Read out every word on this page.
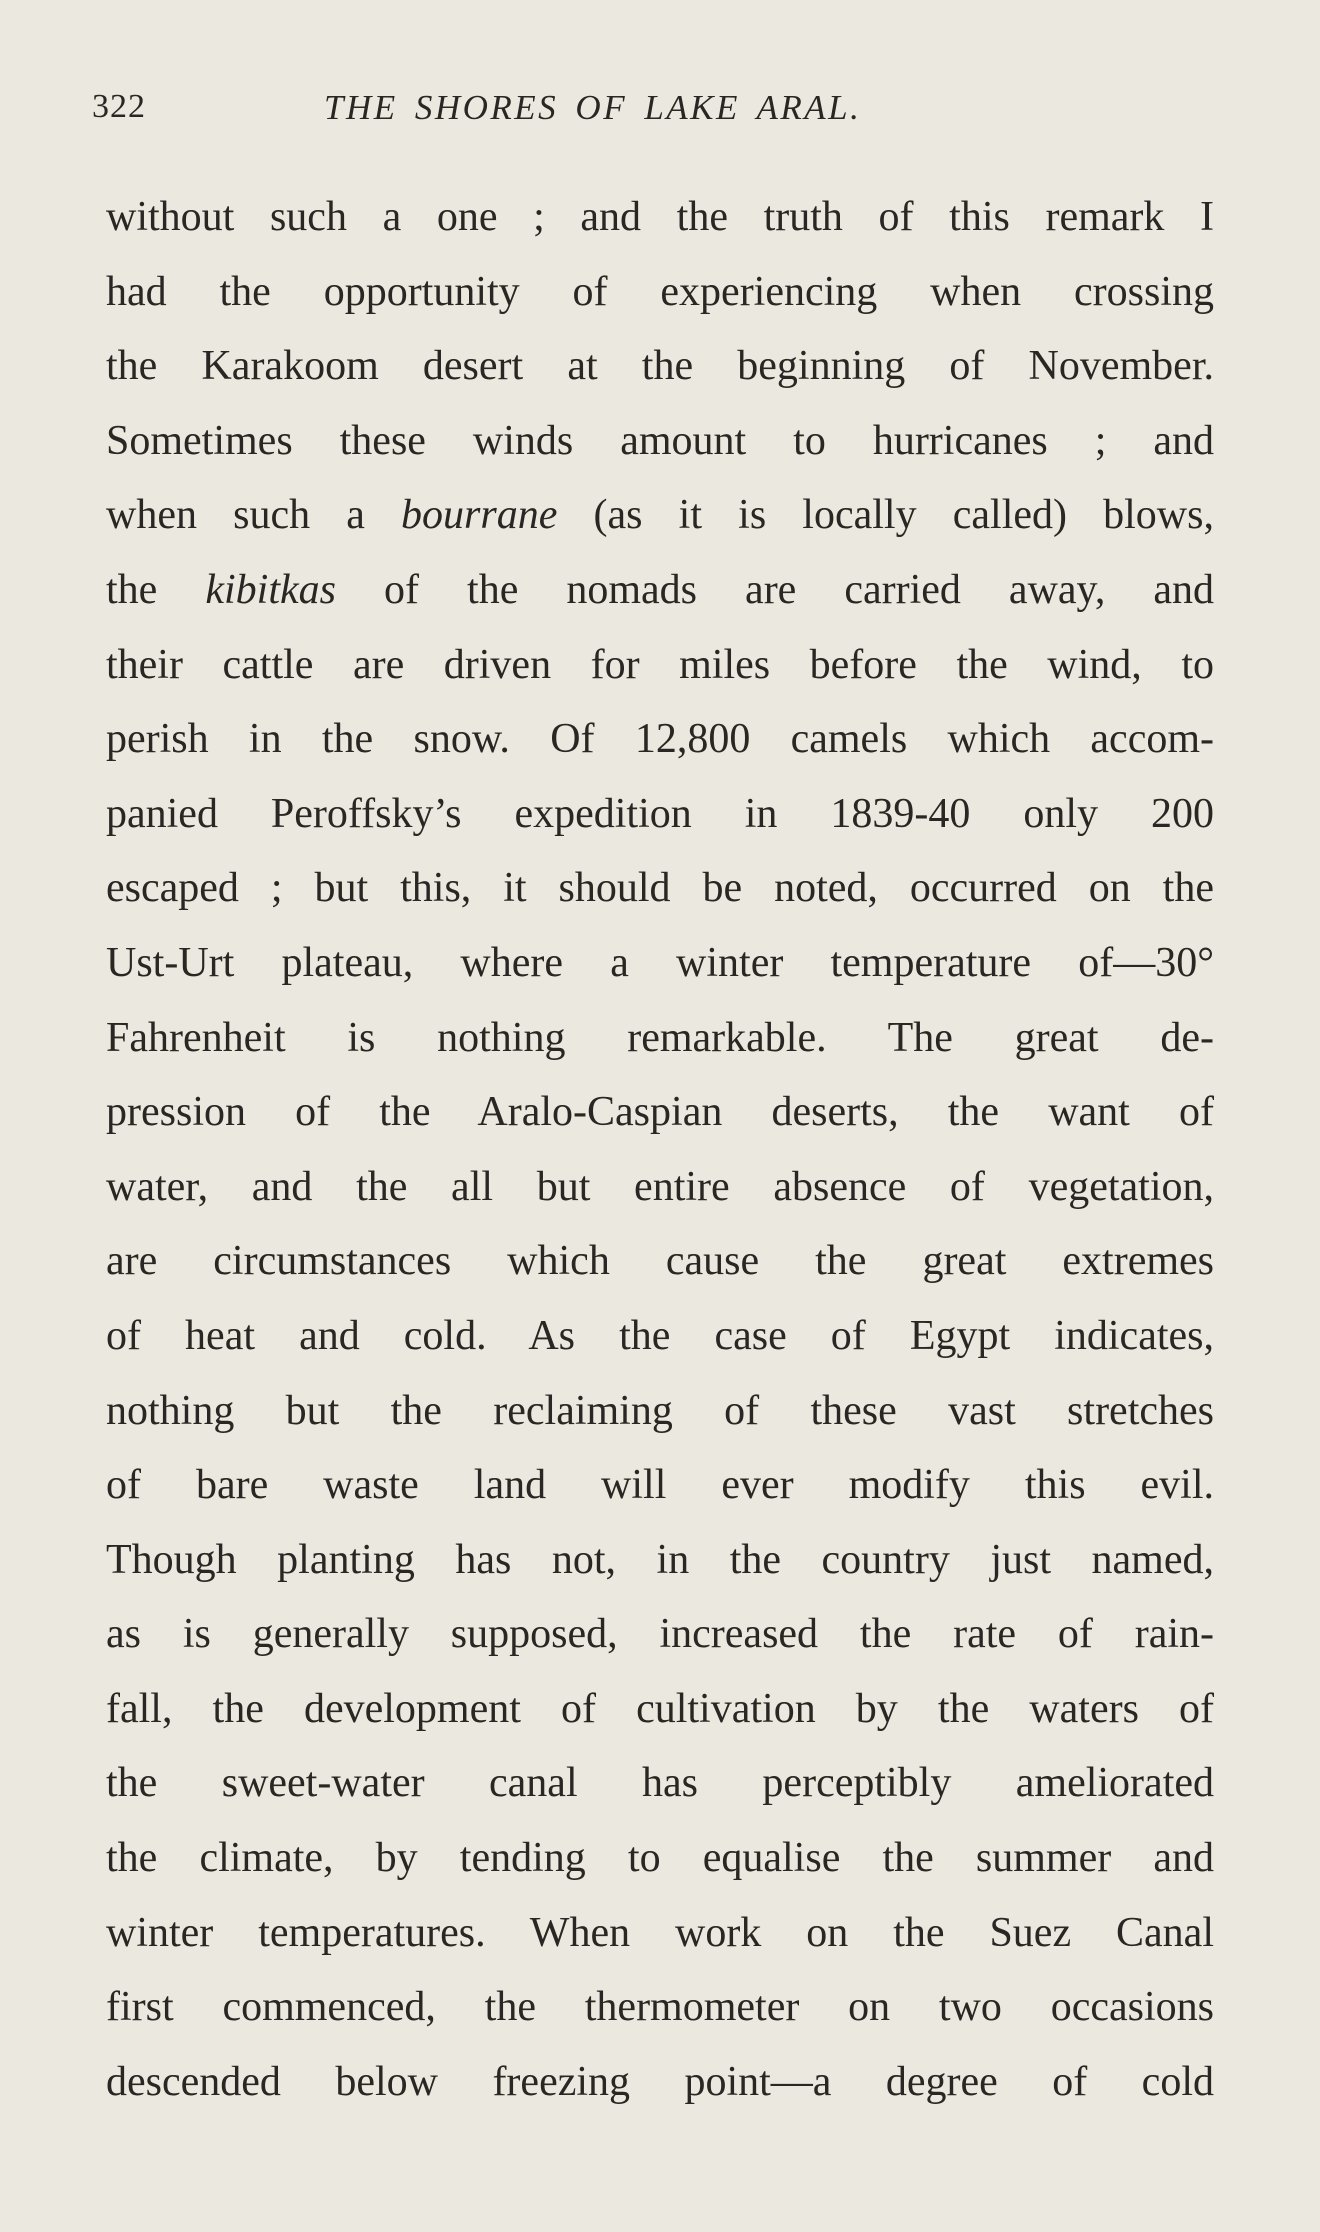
322	THE SHORES OF LAKE ARAL.
without such a one ; and the truth of this remark I
had the opportunity of experiencing when crossing
the Karakoom desert at the beginning of November.
Sometimes these winds amount to hurricanes ; and
when such a bourrane (as it is locally called) blows,
the kibitkas of the nomads are carried away, and
their cattle are driven for miles before the wind, to
perish in the snow. Of 12,800 camels which accom-
panied Peroffsky’s expedition in 1839-40 only 200
escaped ; but this, it should be noted, occurred on the
Ust-Urt plateau, where a winter temperature of—30°
Fahrenheit is nothing remarkable. The great de-
pression of the Aralo-Caspian deserts, the want of
water, and the all but entire absence of vegetation,
are circumstances which cause the great extremes
of heat and cold. As the case of Egypt indicates,
nothing but the reclaiming of these vast stretches
of bare waste land will ever modify this evil.
Though planting has not, in the country just named,
as is generally supposed, increased the rate of rain-
fall, the development of cultivation by the waters of
the sweet-water canal has perceptibly ameliorated
the climate, by tending to equalise the summer and
winter temperatures. When work on the Suez Canal
first commenced, the thermometer on two occasions
descended below freezing point—a degree of cold
